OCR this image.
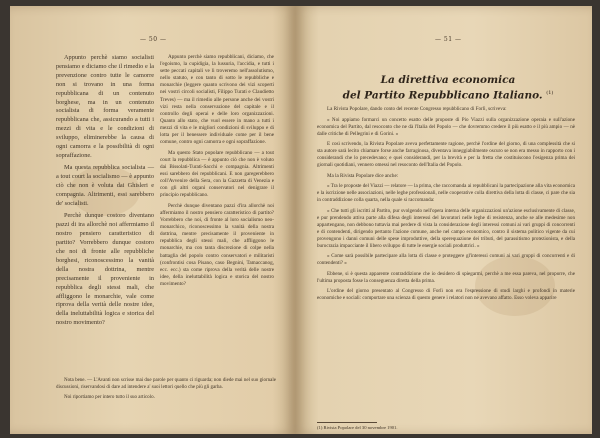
— 50 —

Appunto perchè siamo socialisti pensiamo e diciamo che il rimedio e la prevenzione contro tutte le camorre non si trovano in una forma repubblicana di un contenuto borghese, ma in un contenuto socialista di forma veramente repubblicana che, assicurando a tutti i mezzi di vita e le condizioni di sviluppo, eliminerebbe la causa di ogni camorra e la possibilità di ogni sopraffazione.

Ma questa repubblica socialista — a tout court la socialismo — è appunto ciò che non è voluta dai Ghisleri e compagnia. Altrimenti, essi sarebbero de' socialisti.

Perchè dunque costoro diventano pazzi di ira allorchè noi affermiamo il nostro pensiero caratteristico di partito? Vorrebbero dunque costoro che noi di fronte alle repubbliche borghesi, riconoscessimo la vanità della nostra dottrina, mentre precisamente il proveniente in repubblica degli stessi mali, che affliggono le monarchie, vale come riprova della verità delle nostre idee, della ineluttabilità logica e storica del nostro movimento?

Appunto perchè siamo repubblicani, diciamo, che l'egoismo, la cupidigia, la lussuria, l'accidia, e tutti i sette peccati capitali ve li troveremo nell'assolutismo, nello statuto, e con tanto di sotto le repubbliche e monarchie (leggere quanto scrivono dei vizi scoperti nei vostri circoli socialisti, Filippo Turati e Claudietto Treves) — ma il rimedio alle persone anche dei vostri vizi resta nella conservazione del capitale e il controllo degli operai e delle loro organizzazioni. Quanto allo stato, che vuol essere in mano a tutti i mezzi di vita e le migliori condizioni di sviluppo e di lotta per il benessere individuale come per il bene comune, contro ogni camorra e ogni sopraffazione.

Ma questo Stato popolare repubblicano — a tout court la repubblica — è appunto ciò che non è voluto dai Bissolati-Turati-Sacchi e compagnia. Altrimenti essi sarebbero dei repubblicani. E non garegerebbero coll'Avvenire della Sera, con la Gazzetta di Venezia e con gli altri organi conservatori nel denigrare il principio repubblicano.

Perchè dunque diventano pazzi d'ira allorchè noi affermiamo il nostro pensiero caratteristico di partito? Vorrebbero che noi, di fronte al loro socialismo neo-monarchico, riconoscessimo la vanità della nostra dottrina, mentre precisamente il proveniente in repubblica degli stessi mali, che affliggono le monarchie, ma con tanta discrezione di colpe nella battaglia del popolo contro conservatori e militaristi (confrontisi cosa Pisano, caso Begnini, Tamaccanog, ecc. ecc.) sta come riprova della verità delle nostre idee, della ineluttabilità logica e storica del nostro movimento?

Nota bene. — L'Avanti non scrisse mai due parole per quanto ci riguarda; non diede mai nel suo giornale discussioni, riservandosi di dare ad intendere a' suoi lettori quello che più gli garba.

Noi riportiamo per intero tutto il suo articolo.

— 51 —
La direttiva economica
del Partito Repubblicano Italiano. $^{(1)}$

La Rivista Popolare, dando conto del recente Congresso repubblicano di Forlì, scriveva:

« Noi appiamo formarci un concetto esatto delle proposte di Pio Viazzi sulla organizzazione operaia e sull'azione economica del Partito, dal resoconto che ne dà l'Italia del Popolo — che dovremmo credere il più esatto e il più ampio — nè dalle critiche di Pellegrini e di Gorini. »

E così scrivendo, la Rivista Popolare aveva perfettamente ragione, perchè l'ordine del giorno, di una complessità che si sta autore sarà lecito chiamare forse anche farraginosa, diventava inneggiabilmente oscuro se non era messo in rapporto con i considerandi che lo precedevano; e quei considerandi, per la brevità e per la fretta che costituiscono l'esigenza prima dei giornali quotidiani, vennero omessi nel resoconto dell'Italia del Popolo.

Ma la Rivista Popolare dice anche:

« Tra le proposte del Viazzi — relatore — la prima, che raccomanda ai repubblicani la partecipazione alla vita economica e la iscrizione nelle associazioni, nelle leghe professionali, nelle cooperative colla direttiva della lotta di classe, ci pare che sia in contraddizione colla quarta, nella quale si raccomanda:

« Che tutti gli iscritti al Partito, pur svolgendo nell'opera interna delle organizzazioni un'azione esclusivamente di classe, e pur prendendo attiva parte alla difesa degli interessi del lavoratori nelle leghe di resistenza, anche se alle medesime non appartengano, non debbono tuttavia mai perdere di vista la considerazione degli interessi comuni ai vari gruppi di concorrenti e di contendenti, dirigendo pertanto l'azione comune, anche nel campo economico, contro il sistema politico vigente da cui provengono i danni comuni delle spese improduttive, della sperequazione dei tributi, del parassitismo protezionista, e della burocrazia impacciante il libero sviluppo di tutte le energie sociali produttrici. »

« Come sarà possibile partecipare alla lotta di classe e proteggere gl'interessi comuni ai vari gruppi di concorrenti e di contendenti? »

Ebbene, si è questa apparente contraddizione che io desidero di spiegarmi, perchè a me essa pareva, nel proporre, che l'ultima proposta fosse la conseguenza diretta della prima.

L'ordine del giorno presentato al Congresso di Forlì non era l'espressione di studi larghi e profondi in materie economiche e sociali: comportare una scienza di questo genere i relatori non ne avevano affatto. Esso voleva apparire

(1) Rivista Popolare del 30 novembre 1901.
